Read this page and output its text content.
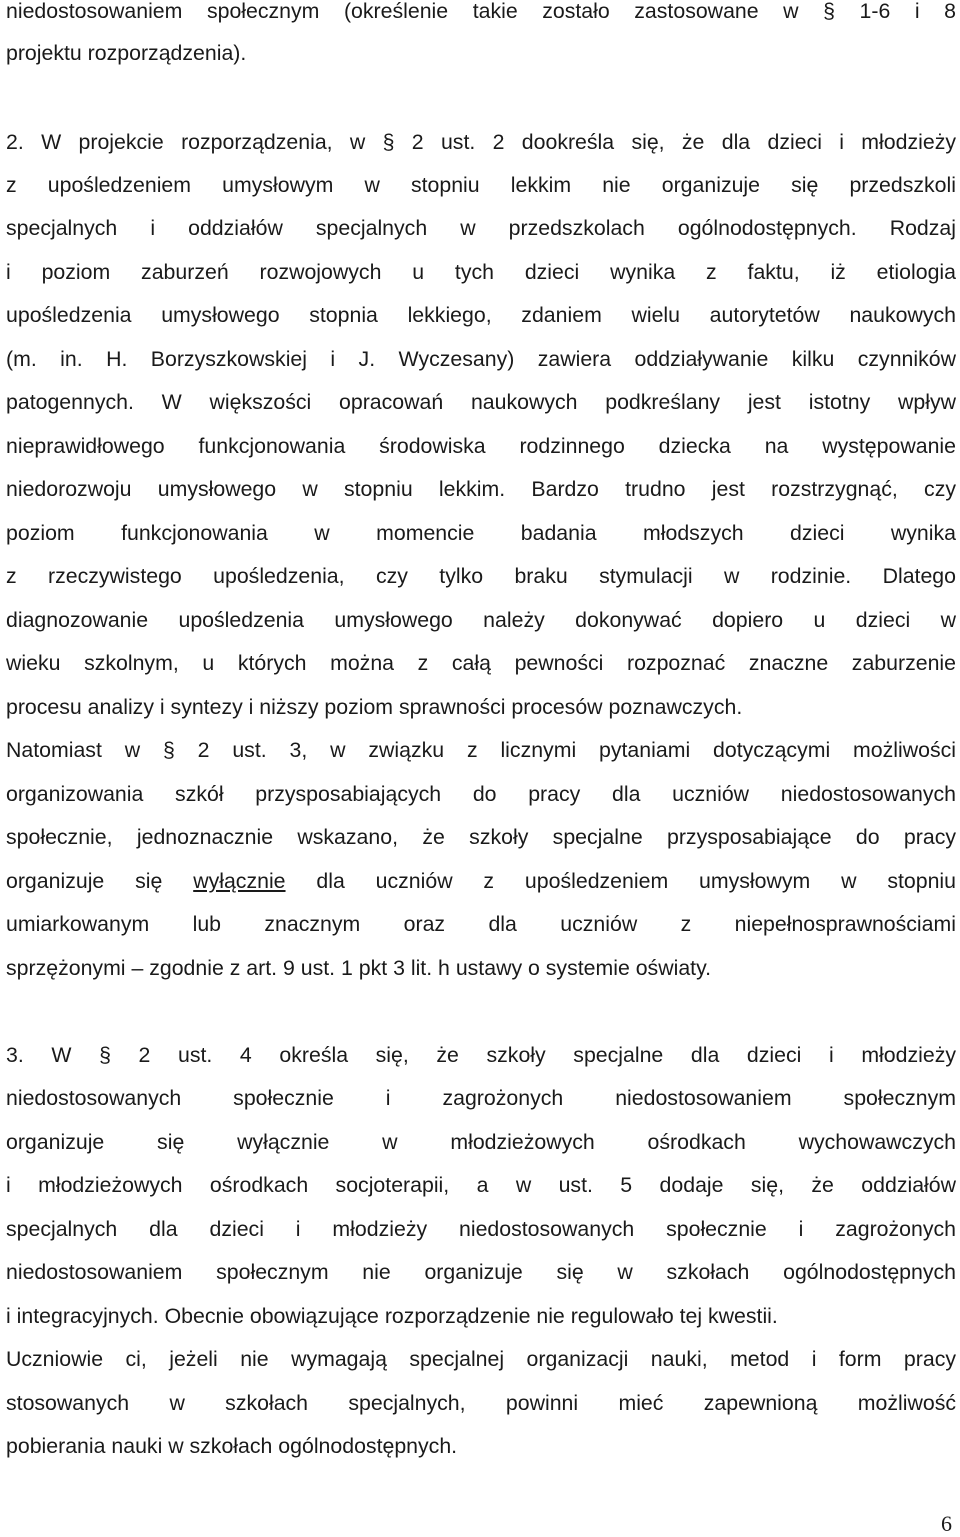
niedostosowaniem społecznym (określenie takie zostało zastosowane w § 1-6 i 8
projektu rozporządzenia).
2. W projekcie rozporządzenia, w § 2 ust. 2 dookreśla się, że dla dzieci i młodzieży
z upośledzeniem umysłowym w stopniu lekkim nie organizuje się przedszkoli
specjalnych i oddziałów specjalnych w przedszkolach ogólnodostępnych. Rodzaj
i poziom zaburzeń rozwojowych u tych dzieci wynika z faktu, iż etiologia
upośledzenia umysłowego stopnia lekkiego, zdaniem wielu autorytetów naukowych
(m. in. H. Borzyszkowskiej i J. Wyczesany) zawiera oddziaływanie kilku czynników
patogennych. W większości opracowań naukowych podkreślany jest istotny wpływ
nieprawidłowego funkcjonowania środowiska rodzinnego dziecka na występowanie
niedorozwoju umysłowego w stopniu lekkim. Bardzo trudno jest rozstrzygnąć, czy
poziom funkcjonowania w momencie badania młodszych dzieci wynika
z rzeczywistego upośledzenia, czy tylko braku stymulacji w rodzinie. Dlatego
diagnozowanie upośledzenia umysłowego należy dokonywać dopiero u dzieci w
wieku szkolnym, u których można z całą pewności rozpoznać znaczne zaburzenie
procesu analizy i syntezy i niższy poziom sprawności procesów poznawczych.
Natomiast w § 2 ust. 3, w związku z licznymi pytaniami dotyczącymi możliwości
organizowania szkół przysposabiających do pracy dla uczniów niedostosowanych
społecznie, jednoznacznie wskazano, że szkoły specjalne przysposabiające do pracy
organizuje się wyłącznie dla uczniów z upośledzeniem umysłowym w stopniu
umiarkowanym lub znacznym oraz dla uczniów z niepełnosprawnościami
sprzężonymi – zgodnie z art. 9 ust. 1 pkt 3 lit. h ustawy o systemie oświaty.
3. W § 2 ust. 4 określa się, że szkoły specjalne dla dzieci i młodzieży
niedostosowanych społecznie i zagrożonych niedostosowaniem społecznym
organizuje się wyłącznie w młodzieżowych ośrodkach wychowawczych
i młodzieżowych ośrodkach socjoterapii, a w ust. 5 dodaje się, że oddziałów
specjalnych dla dzieci i młodzieży niedostosowanych społecznie i zagrożonych
niedostosowaniem społecznym nie organizuje się w szkołach ogólnodostępnych
i integracyjnych. Obecnie obowiązujące rozporządzenie nie regulowało tej kwestii.
Uczniowie ci, jeżeli nie wymagają specjalnej organizacji nauki, metod i form pracy
stosowanych w szkołach specjalnych, powinni mieć zapewnioną możliwość
pobierania nauki w szkołach ogólnodostępnych.
6
